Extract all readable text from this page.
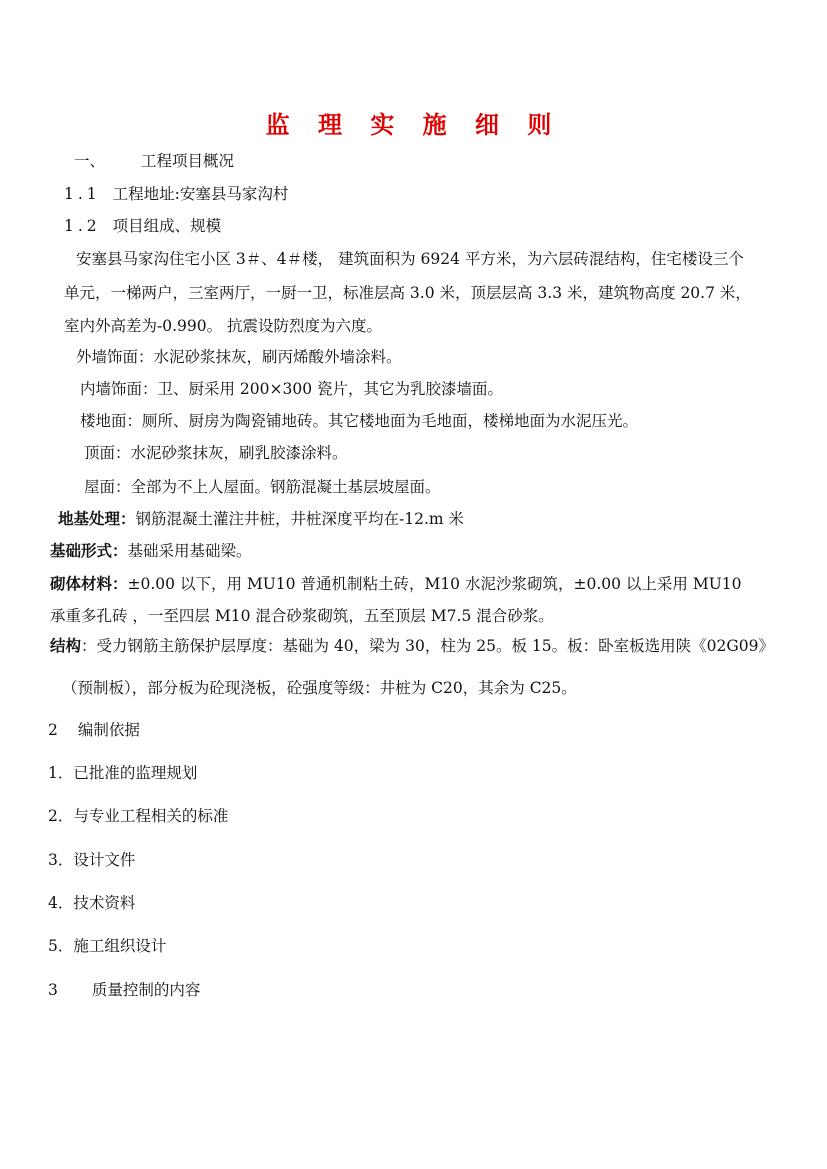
监 理 实 施 细 则
一、 工程项目概况
1.1 工程地址:安塞县马家沟村
1.2 项目组成、规模
安塞县马家沟住宅小区 3＃、4＃楼， 建筑面积为 6924 平方米，为六层砖混结构，住宅楼设三个
单元，一梯两户，三室两厅，一厨一卫，标准层高 3.0 米，顶层层高 3.3 米，建筑物高度 20.7 米，
室内外高差为-0.990。 抗震设防烈度为六度。
外墙饰面：水泥砂浆抹灰，刷丙烯酸外墙涂料。
内墙饰面：卫、厨采用 200×300 瓷片，其它为乳胶漆墙面。
楼地面：厕所、厨房为陶瓷铺地砖。其它楼地面为毛地面，楼梯地面为水泥压光。
顶面：水泥砂浆抹灰，刷乳胶漆涂料。
屋面：全部为不上人屋面。钢筋混凝土基层坡屋面。
地基处理：钢筋混凝土灌注井桩，井桩深度平均在-12.m 米
基础形式：基础采用基础梁。
砌体材料：±0.00 以下，用 MU10 普通机制粘土砖，M10 水泥沙浆砌筑，±0.00 以上采用 MU10
承重多孔砖 ，一至四层 M10 混合砂浆砌筑，五至顶层 M7.5 混合砂浆。
结构：受力钢筋主筋保护层厚度：基础为 40，梁为 30，柱为 25。板 15。板：卧室板选用陕《02G09》
（预制板），部分板为砼现浇板，砼强度等级：井桩为 C20，其余为 C25。
2 编制依据
1．已批准的监理规划
2．与专业工程相关的标准
3．设计文件
4．技术资料
5．施工组织设计
3 质量控制的内容
